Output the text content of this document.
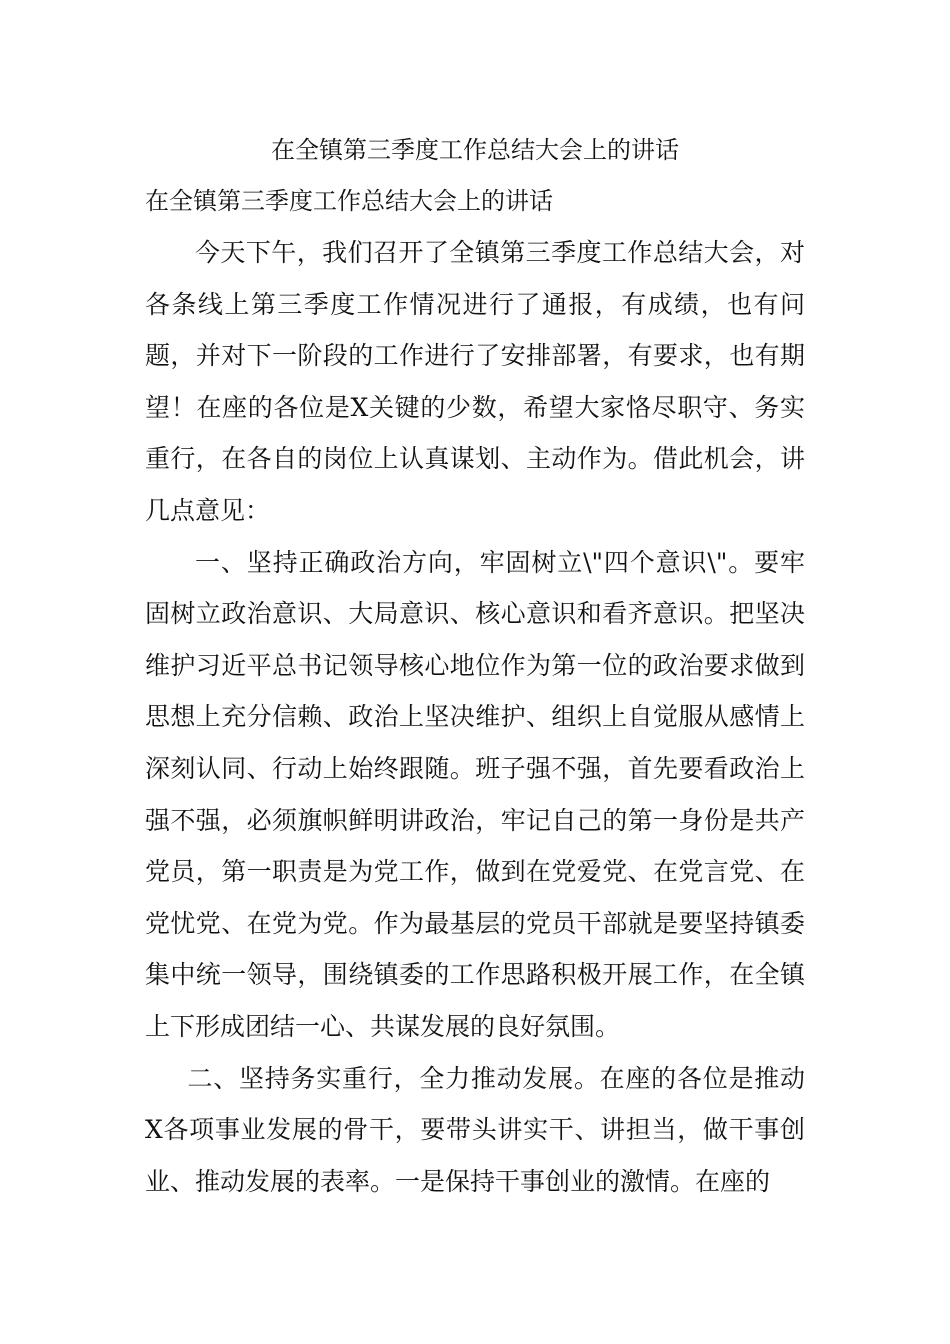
在全镇第三季度工作总结大会上的讲话
在全镇第三季度工作总结大会上的讲话

今天下午，我们召开了全镇第三季度工作总结大会，对各条线上第三季度工作情况进行了通报，有成绩，也有问题，并对下一阶段的工作进行了安排部署，有要求，也有期望！在座的各位是X关键的少数，希望大家恪尽职守、务实重行，在各自的岗位上认真谋划、主动作为。借此机会，讲几点意见：

一、坚持正确政治方向，牢固树立\"四个意识\"。要牢固树立政治意识、大局意识、核心意识和看齐意识。把坚决维护习近平总书记领导核心地位作为第一位的政治要求做到思想上充分信赖、政治上坚决维护、组织上自觉服从感情上深刻认同、行动上始终跟随。班子强不强，首先要看政治上强不强，必须旗帜鲜明讲政治，牢记自己的第一身份是共产党员，第一职责是为党工作，做到在党爱党、在党言党、在党忧党、在党为党。作为最基层的党员干部就是要坚持镇委集中统一领导，围绕镇委的工作思路积极开展工作，在全镇上下形成团结一心、共谋发展的良好氛围。

二、坚持务实重行，全力推动发展。在座的各位是推动X各项事业发展的骨干，要带头讲实干、讲担当，做干事创业、推动发展的表率。一是保持干事创业的激情。在座的
